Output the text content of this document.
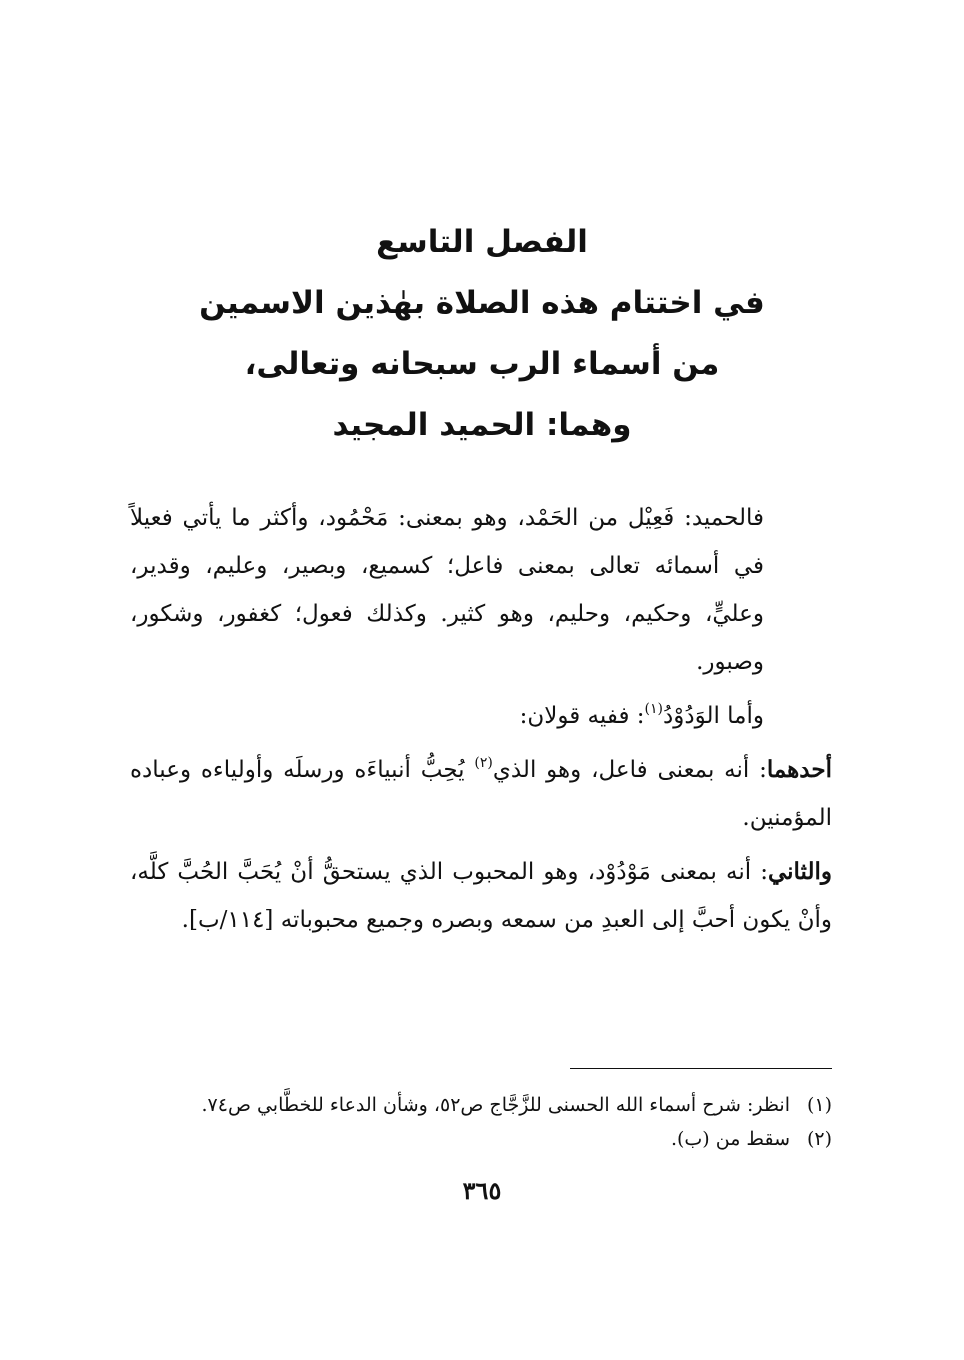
الفصل التاسع
في اختتام هذه الصلاة بهٰذين الاسمين
من أسماء الرب سبحانه وتعالى،
وهما: الحميد المجيد

فالحميد: فَعِيْل من الحَمْد، وهو بمعنى: مَحْمُود، وأكثر ما يأتي فعيلاً في أسمائه تعالى بمعنى فاعل؛ كسميع، وبصير، وعليم، وقدير، وعليٍّ، وحكيم، وحليم، وهو كثير. وكذلك فعول؛ كغفور، وشكور، وصبور.

وأما الوَدُوْدُ$^{(١)}$: ففيه قولان:

أحدهما: أنه بمعنى فاعل، وهو الذي$^{(٢)}$ يُحِبُّ أنبياءَه ورسلَه وأولياءه وعباده المؤمنين.

والثاني: أنه بمعنى مَوْدُوْد، وهو المحبوب الذي يستحقُّ أنْ يُحَبَّ الحُبَّ كلَّه، وأنْ يكون أحبَّ إلى العبدِ من سمعه وبصره وجميع محبوباته [١١٤/ب].

(١)انظر: شرح أسماء الله الحسنى للزَّجَّاج ص٥٢، وشأن الدعاء للخطَّابي ص٧٤.
(٢)سقط من (ب).
٣٦٥
